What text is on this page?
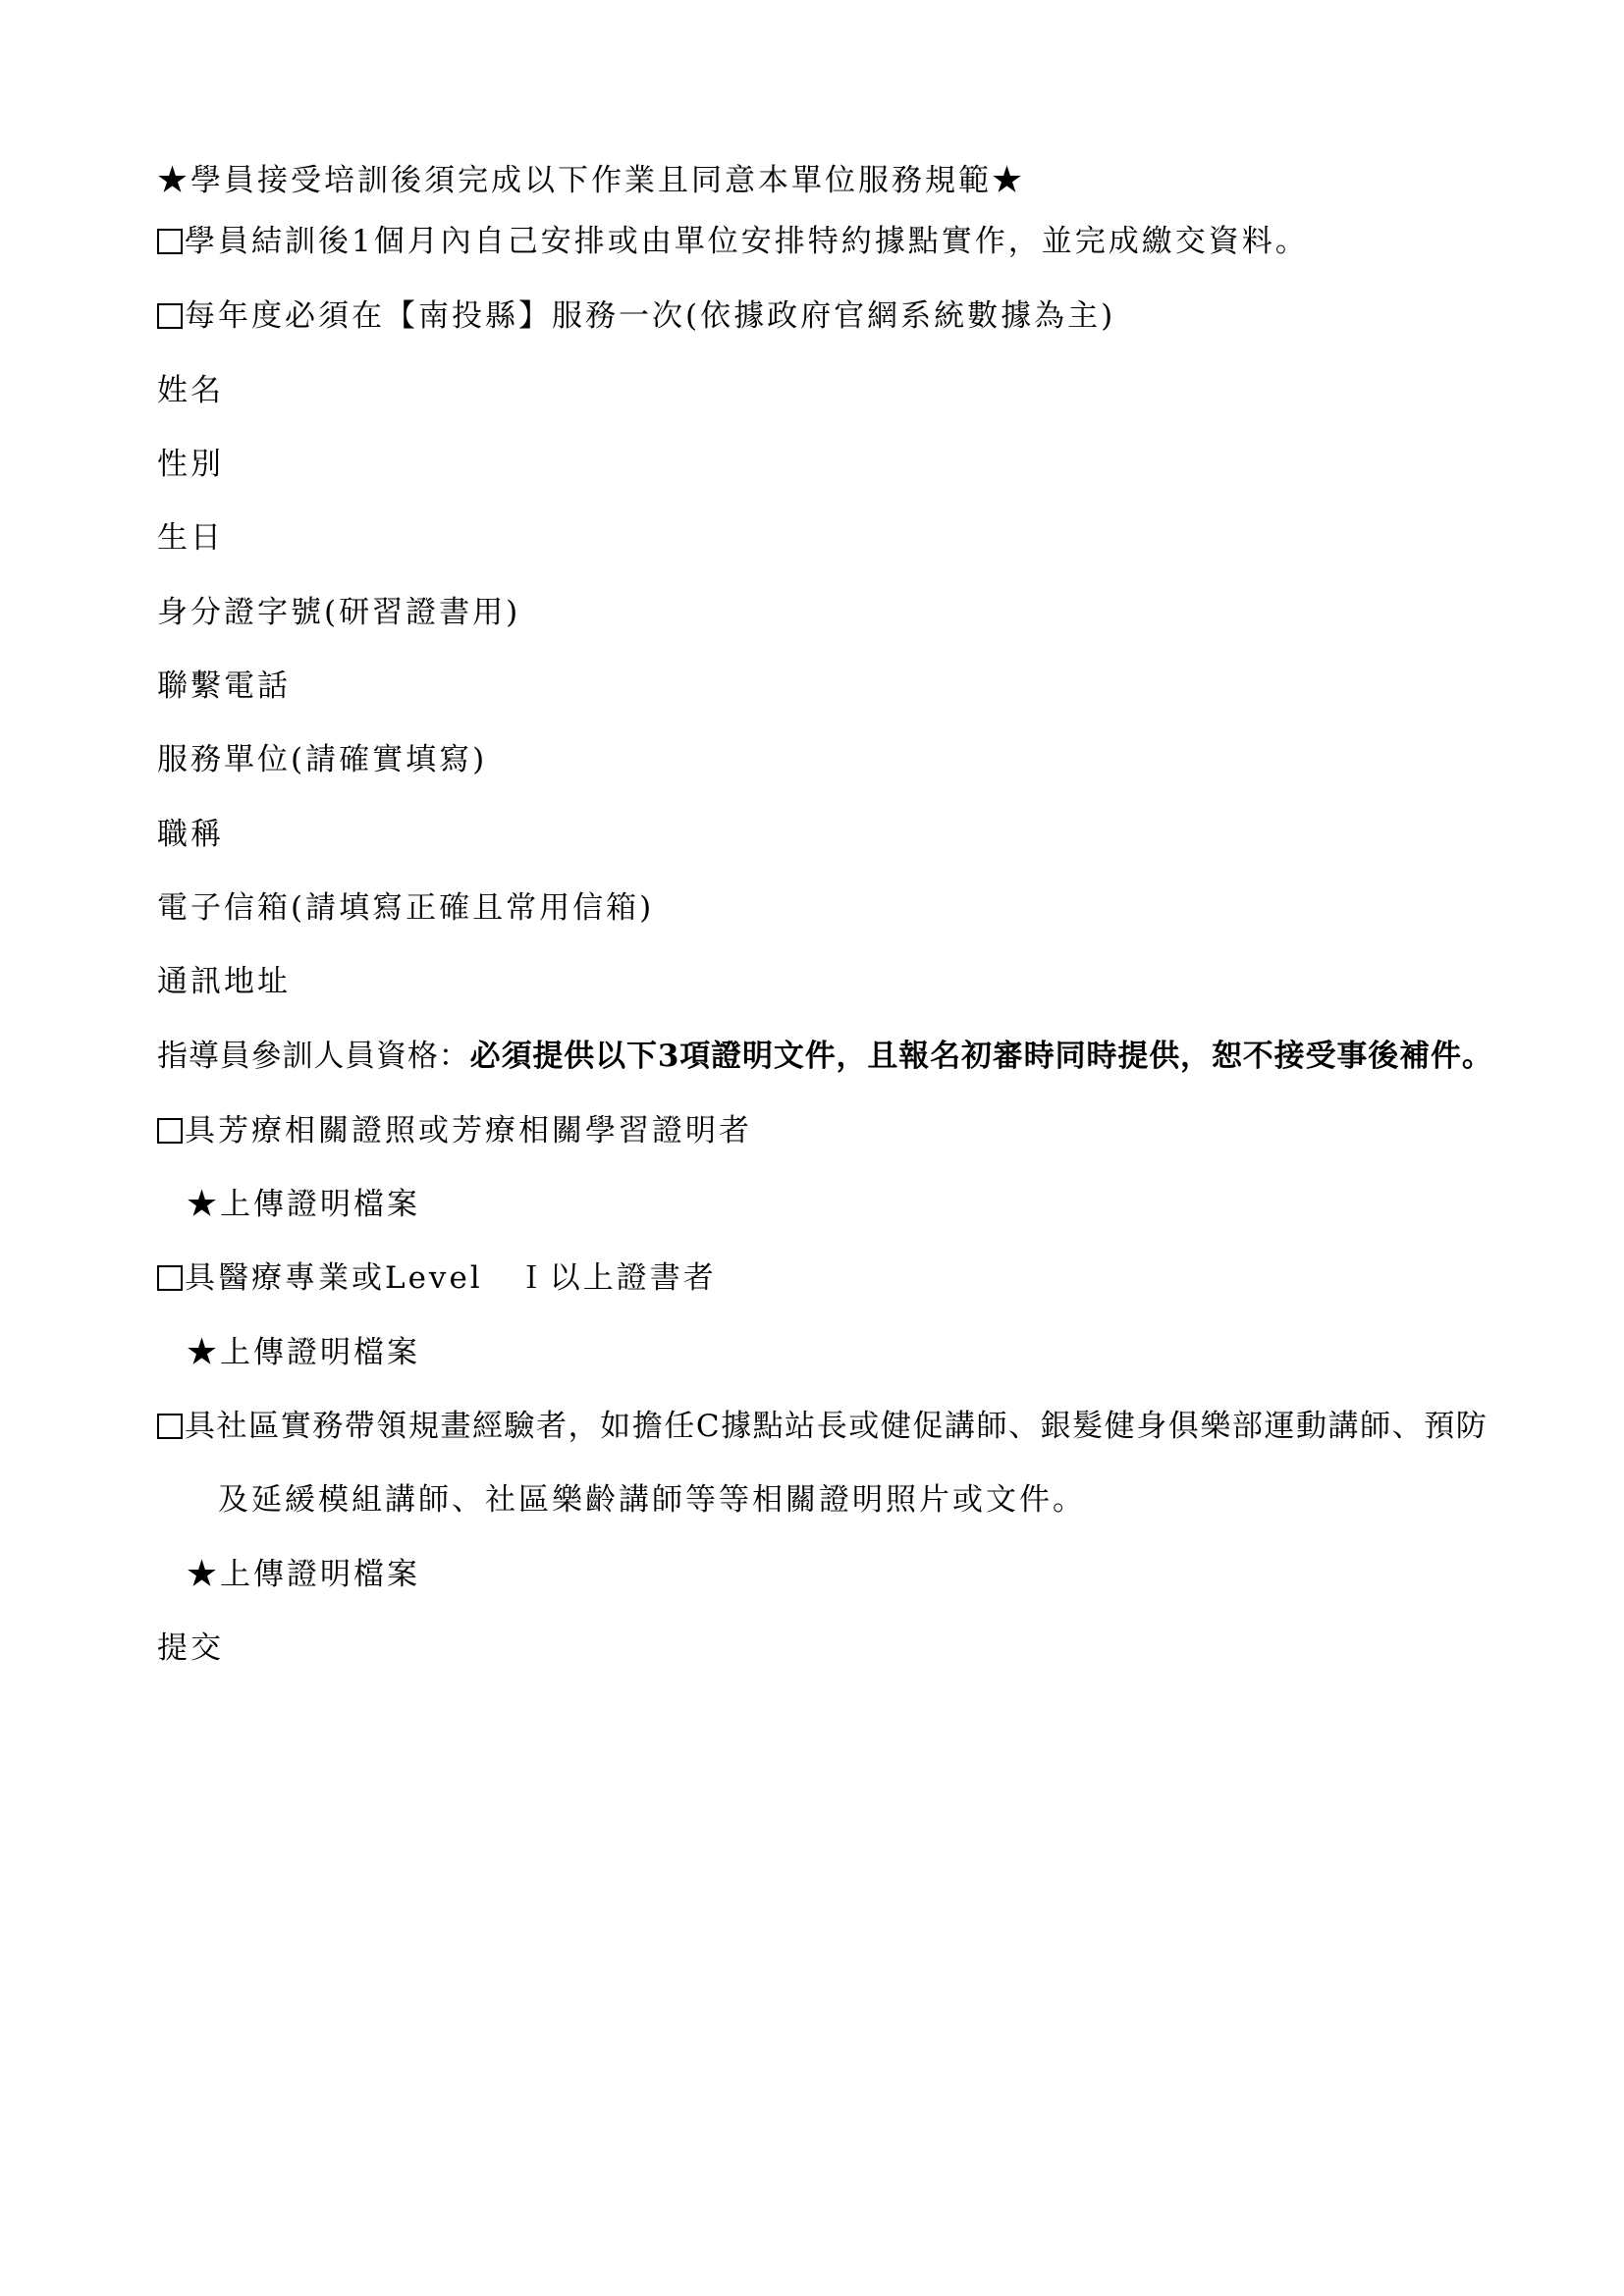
★學員接受培訓後須完成以下作業且同意本單位服務規範★
學員結訓後1個月內自己安排或由單位安排特約據點實作，並完成繳交資料。
每年度必須在【南投縣】服務一次(依據政府官網系統數據為主)
姓名
性別
生日
身分證字號(研習證書用)
聯繫電話
服務單位(請確實填寫)
職稱
電子信箱(請填寫正確且常用信箱)
通訊地址
指導員參訓人員資格：必須提供以下3項證明文件，且報名初審時同時提供，恕不接受事後補件。
具芳療相關證照或芳療相關學習證明者
★上傳證明檔案
具醫療專業或Level　Ｉ以上證書者
★上傳證明檔案
具社區實務帶領規畫經驗者，如擔任C據點站長或健促講師、銀髮健身俱樂部運動講師、預防
及延緩模組講師、社區樂齡講師等等相關證明照片或文件。
★上傳證明檔案
提交
